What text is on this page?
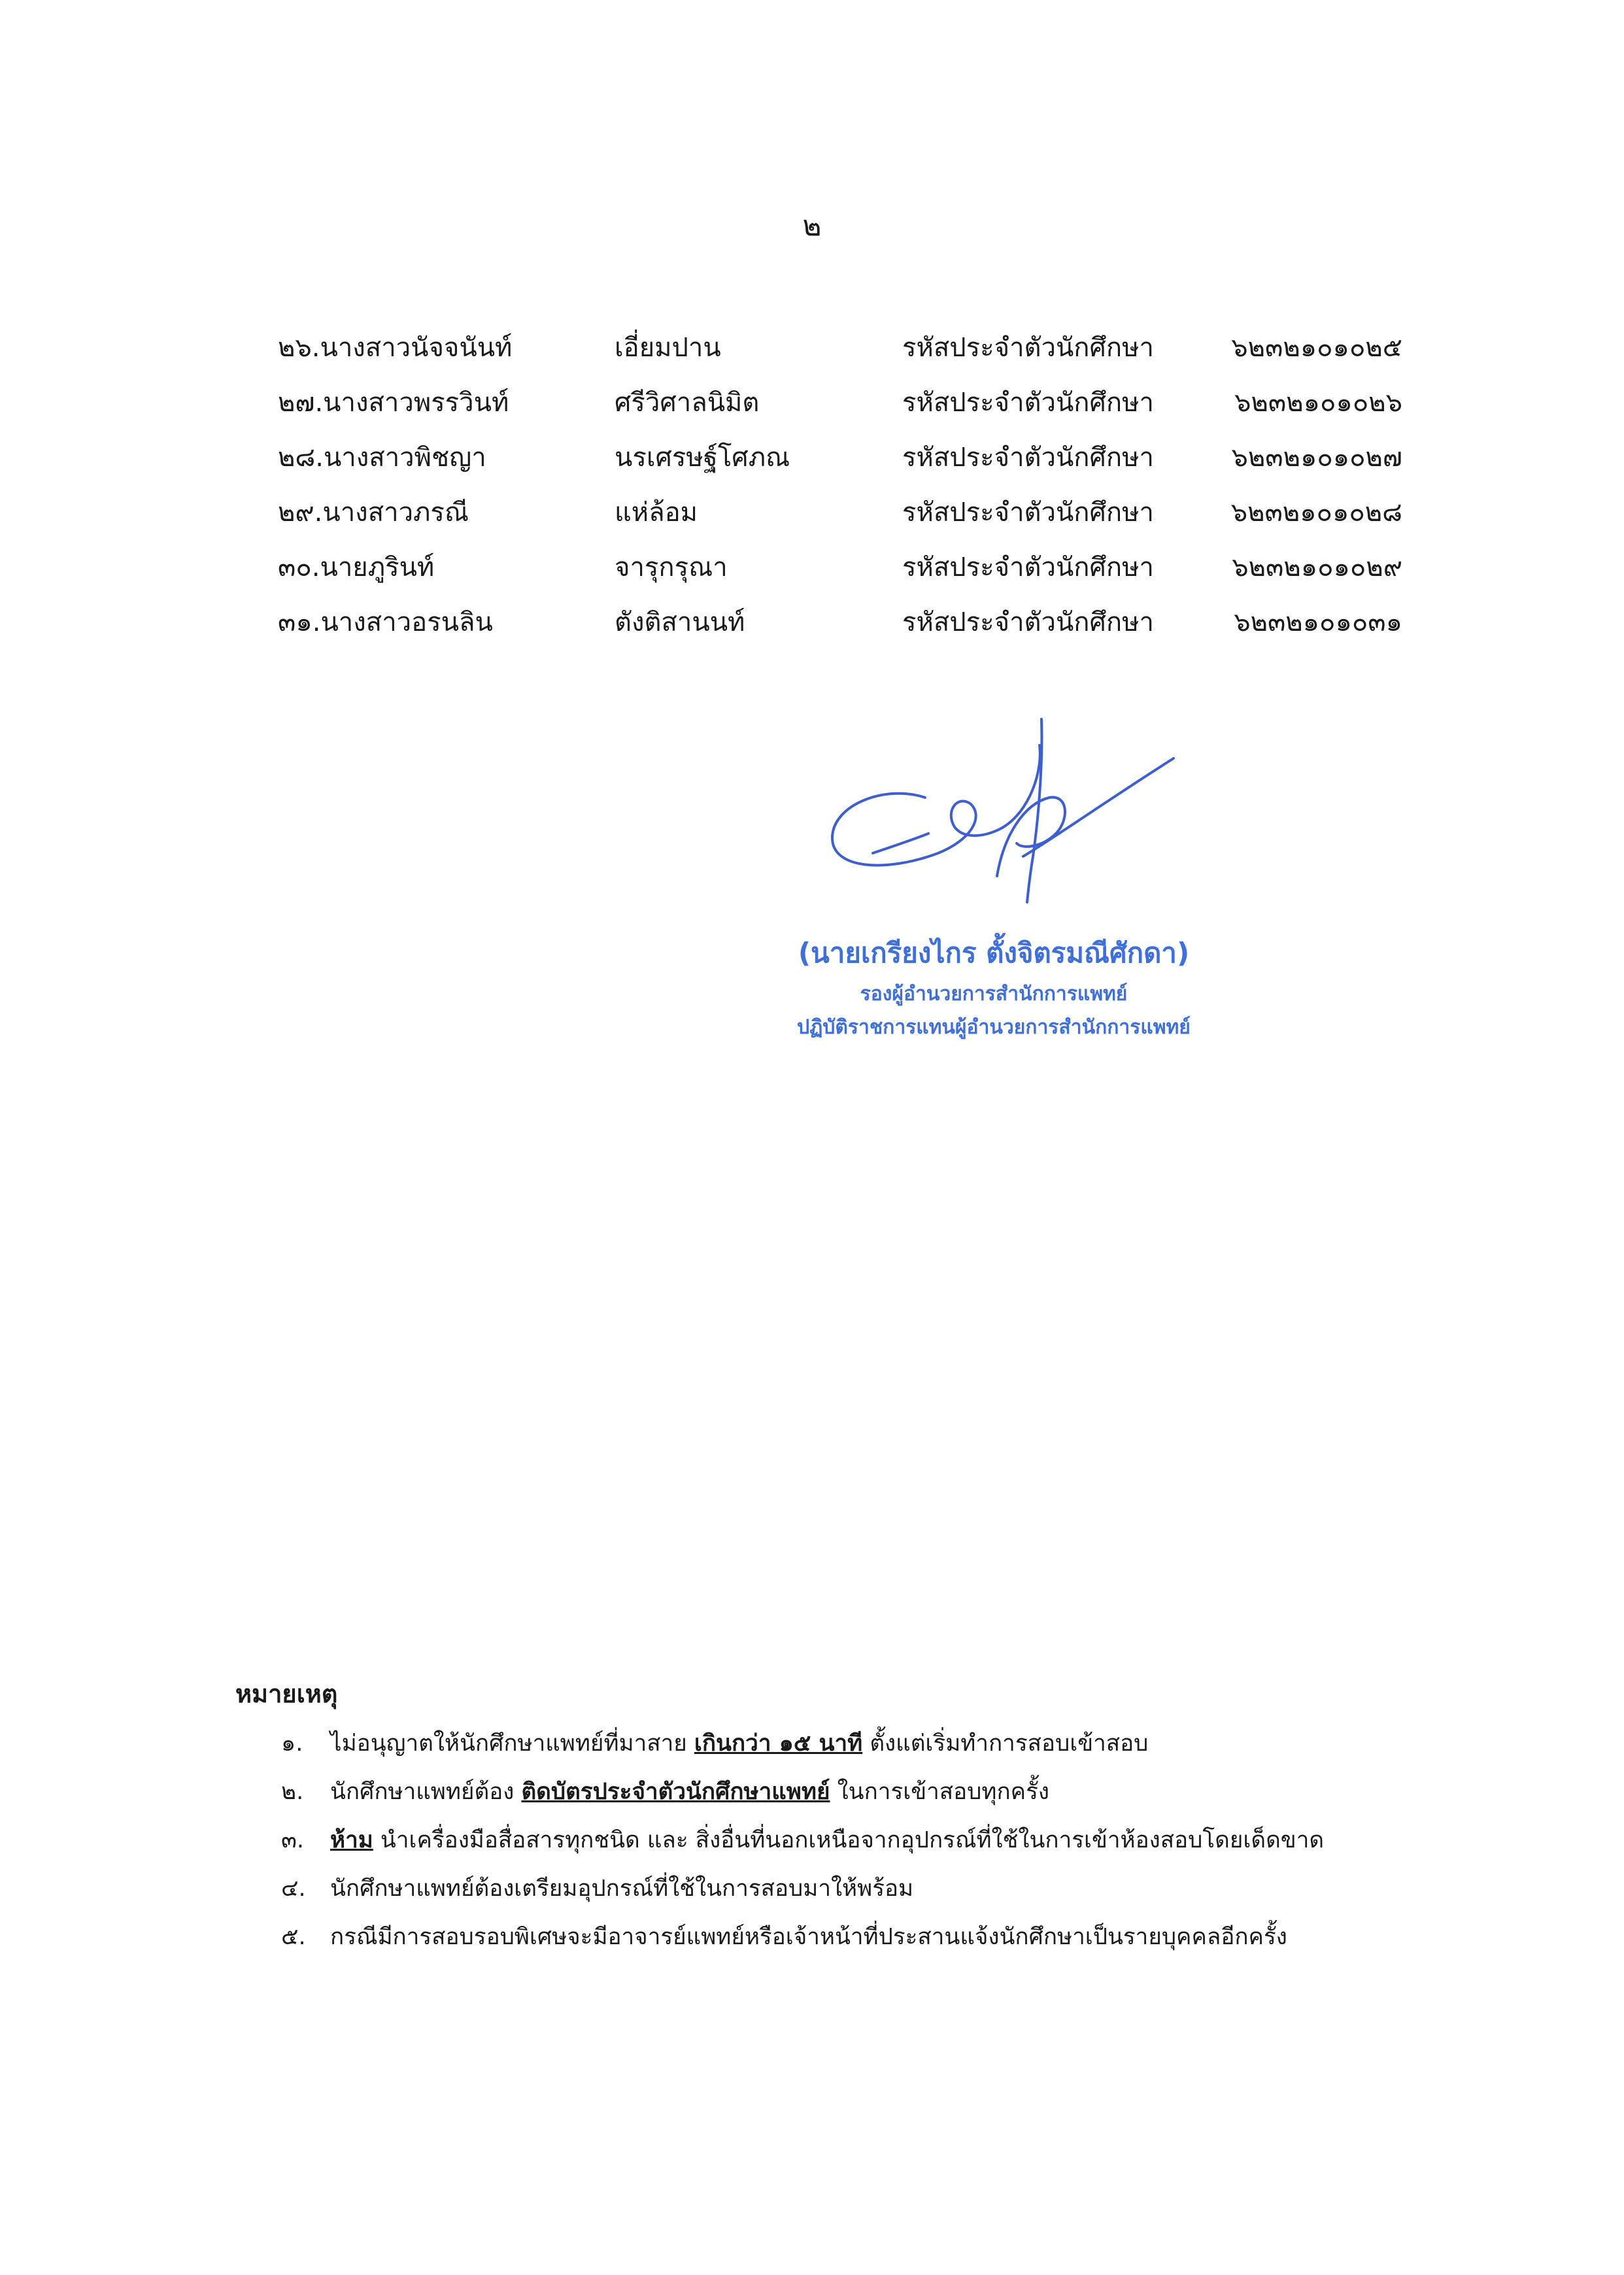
๒
๒๖.นางสาวนัจจนันท์	เอี่ยมปาน	รหัสประจำตัวนักศึกษา	๖๒๓๒๑๐๑๐๒๕
๒๗.นางสาวพรรวินท์	ศรีวิศาลนิมิต	รหัสประจำตัวนักศึกษา	๖๒๓๒๑๐๑๐๒๖
๒๘.นางสาวพิชญา	นรเศรษฐ์โศภณ	รหัสประจำตัวนักศึกษา	๖๒๓๒๑๐๑๐๒๗
๒๙.นางสาวภรณี	แห่ล้อม	รหัสประจำตัวนักศึกษา	๖๒๓๒๑๐๑๐๒๘
๓๐.นายภูรินท์	จารุกรุณา	รหัสประจำตัวนักศึกษา	๖๒๓๒๑๐๑๐๒๙
๓๑.นางสาวอรนลิน	ตังติสานนท์	รหัสประจำตัวนักศึกษา	๖๒๓๒๑๐๑๐๓๑
(นายเกรียงไกร ตั้งจิตรมณีศักดา)
รองผู้อำนวยการสำนักการแพทย์
ปฏิบัติราชการแทนผู้อำนวยการสำนักการแพทย์
หมายเหตุ
๑. ไม่อนุญาตให้นักศึกษาแพทย์ที่มาสาย เกินกว่า ๑๕ นาที ตั้งแต่เริ่มทำการสอบเข้าสอบ
๒. นักศึกษาแพทย์ต้อง ติดบัตรประจำตัวนักศึกษาแพทย์ ในการเข้าสอบทุกครั้ง
๓. ห้าม นำเครื่องมือสื่อสารทุกชนิด และ สิ่งอื่นที่นอกเหนือจากอุปกรณ์ที่ใช้ในการเข้าห้องสอบโดยเด็ดขาด
๔. นักศึกษาแพทย์ต้องเตรียมอุปกรณ์ที่ใช้ในการสอบมาให้พร้อม
๕. กรณีมีการสอบรอบพิเศษจะมีอาจารย์แพทย์หรือเจ้าหน้าที่ประสานแจ้งนักศึกษาเป็นรายบุคคลอีกครั้ง
